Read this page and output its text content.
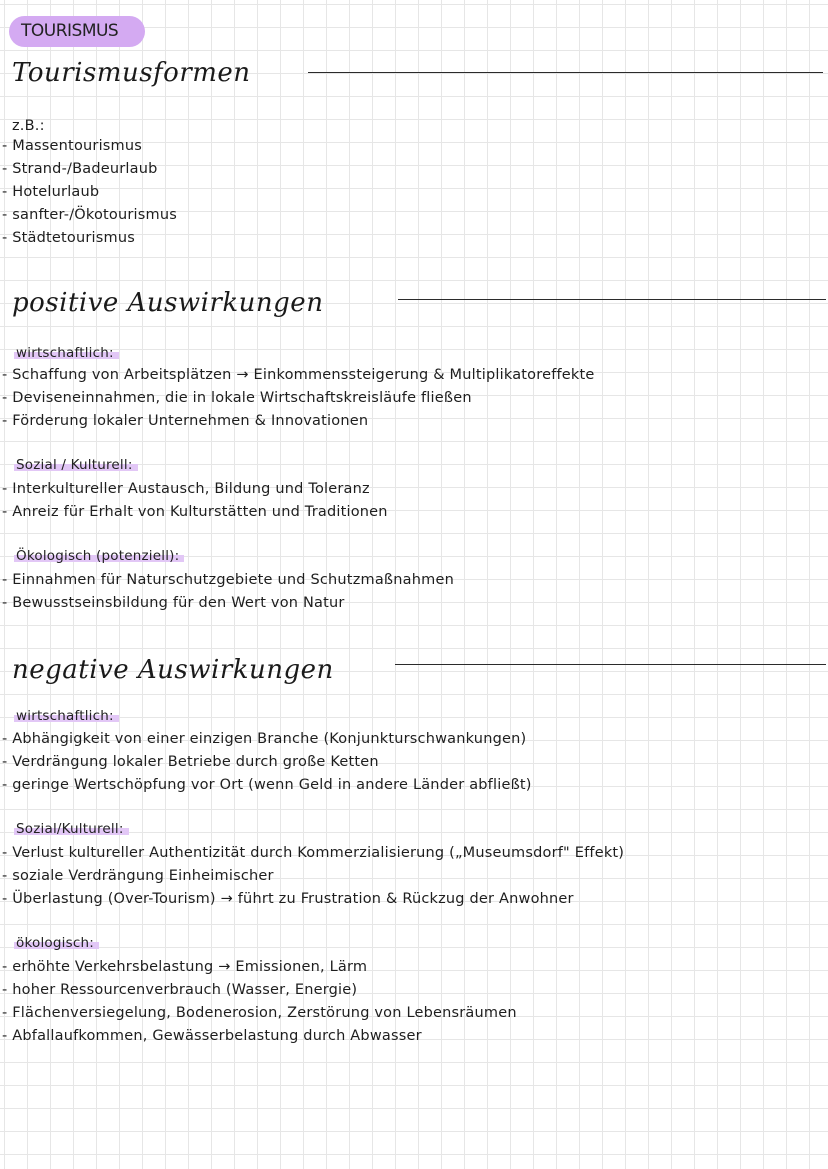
TOURISMUS
Tourismusformen
z.B.:
- Massentourismus
- Strand-/Badeurlaub
- Hotelurlaub
- sanfter-/Ökotourismus
- Städtetourismus
positive Auswirkungen
wirtschaftlich:
- Schaffung von Arbeitsplätzen → Einkommenssteigerung & Multiplikatoreffekte
- Deviseneinnahmen, die in lokale Wirtschaftskreisläufe fließen
- Förderung lokaler Unternehmen & Innovationen
Sozial / Kulturell:
- Interkultureller Austausch, Bildung und Toleranz
- Anreiz für Erhalt von Kulturstätten und Traditionen
Ökologisch (potenziell):
- Einnahmen für Naturschutzgebiete und Schutzmaßnahmen
- Bewusstseinsbildung für den Wert von Natur
negative Auswirkungen
wirtschaftlich:
- Abhängigkeit von einer einzigen Branche (Konjunkturschwankungen)
- Verdrängung lokaler Betriebe durch große Ketten
- geringe Wertschöpfung vor Ort (wenn Geld in andere Länder abfließt)
Sozial/Kulturell:
- Verlust kultureller Authentizität durch Kommerzialisierung („Museumsdorf" Effekt)
- soziale Verdrängung Einheimischer
- Überlastung (Over-Tourism) → führt zu Frustration & Rückzug der Anwohner
ökologisch:
- erhöhte Verkehrsbelastung → Emissionen, Lärm
- hoher Ressourcenverbrauch (Wasser, Energie)
- Flächenversiegelung, Bodenerosion, Zerstörung von Lebensräumen
- Abfallaufkommen, Gewässerbelastung durch Abwasser
